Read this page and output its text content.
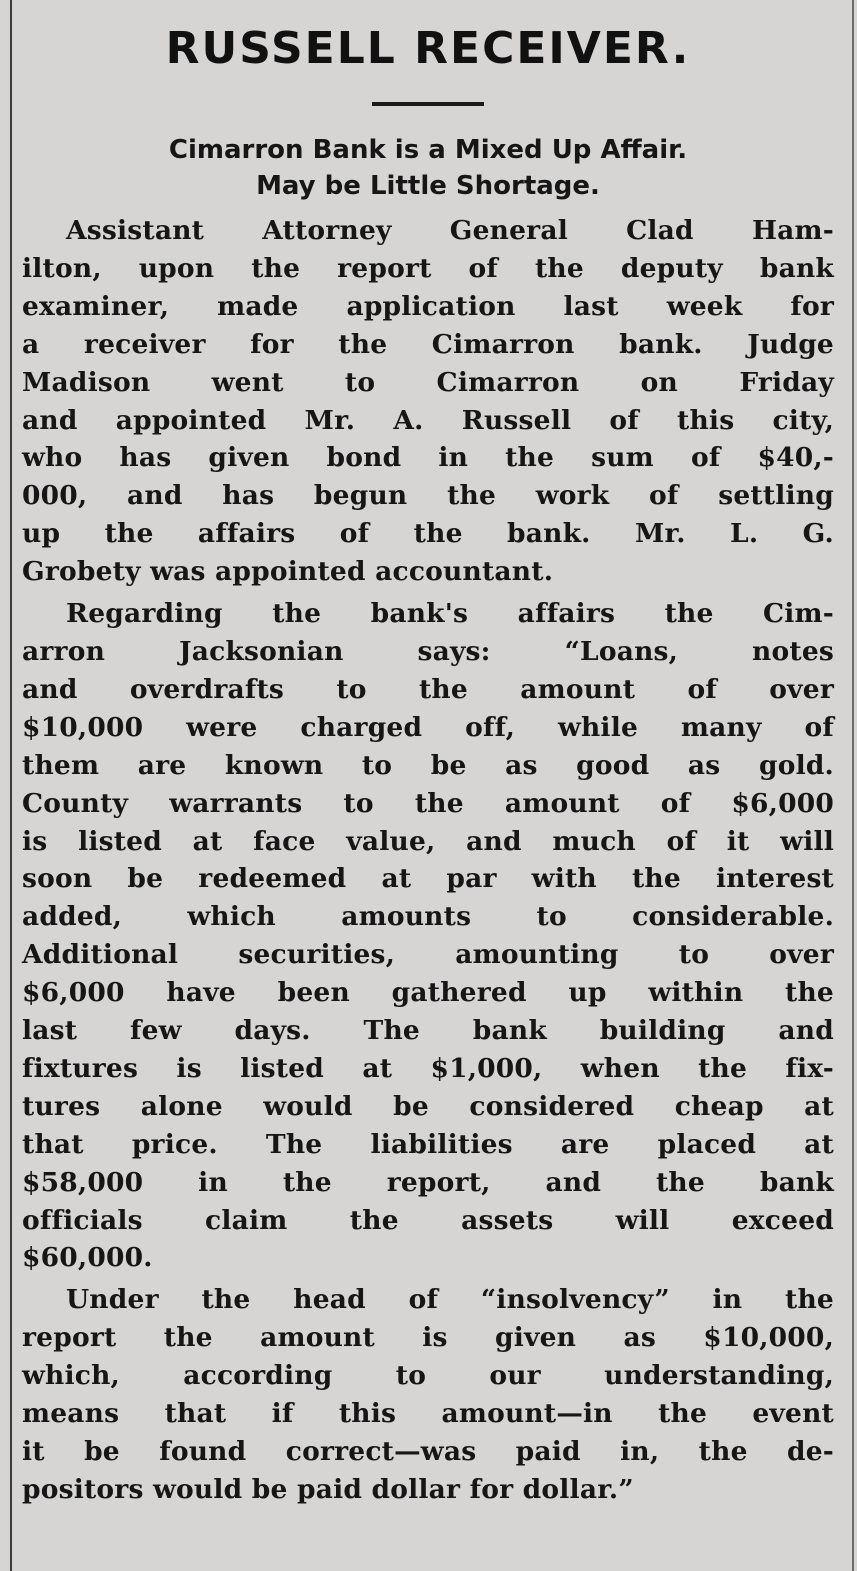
RUSSELL RECEIVER.
Cimarron Bank is a Mixed Up Affair.
May be Little Shortage.
Assistant Attorney General Clad Ham-
ilton, upon the report of the deputy bank
examiner, made application last week for
a receiver for the Cimarron bank. Judge
Madison went to Cimarron on Friday
and appointed Mr. A. Russell of this city,
who has given bond in the sum of $40,-
000, and has begun the work of settling
up the affairs of the bank. Mr. L. G.
Grobety was appointed accountant.
Regarding the bank's affairs the Cim-
arron Jacksonian says: “Loans, notes
and overdrafts to the amount of over
$10,000 were charged off, while many of
them are known to be as good as gold.
County warrants to the amount of $6,000
is listed at face value, and much of it will
soon be redeemed at par with the interest
added, which amounts to considerable.
Additional securities, amounting to over
$6,000 have been gathered up within the
last few days. The bank building and
fixtures is listed at $1,000, when the fix-
tures alone would be considered cheap at
that price. The liabilities are placed at
$58,000 in the report, and the bank
officials claim the assets will exceed
$60,000.
Under the head of “insolvency” in the
report the amount is given as $10,000,
which, according to our understanding,
means that if this amount—in the event
it be found correct—was paid in, the de-
positors would be paid dollar for dollar.”
